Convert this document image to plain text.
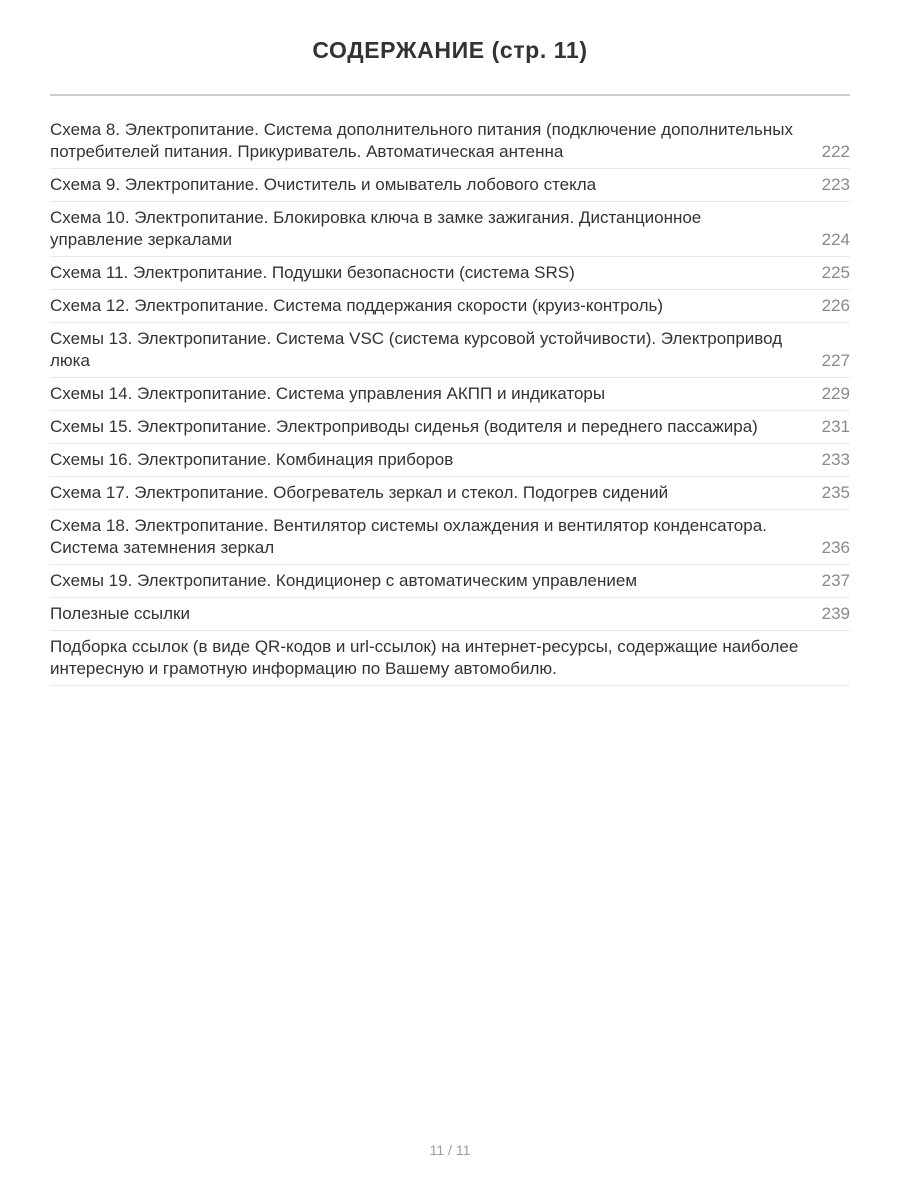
СОДЕРЖАНИЕ (стр. 11)
Схема 8. Электропитание. Система дополнительного питания (подключение дополнительных потребителей питания. Прикуриватель. Автоматическая антенна	222
Схема 9. Электропитание. Очиститель и омыватель лобового стекла	223
Схема 10. Электропитание. Блокировка ключа в замке зажигания. Дистанционное управление зеркалами	224
Схема 11. Электропитание. Подушки безопасности (система SRS)	225
Схема 12. Электропитание. Система поддержания скорости (круиз-контроль)	226
Схемы 13. Электропитание. Система VSC (система курсовой устойчивости). Электропривод люка	227
Схемы 14. Электропитание. Система управления АКПП и индикаторы	229
Схемы 15. Электропитание. Электроприводы сиденья (водителя и переднего пассажира)	231
Схемы 16. Электропитание. Комбинация приборов	233
Схема 17. Электропитание. Обогреватель зеркал и стекол. Подогрев сидений	235
Схема 18. Электропитание. Вентилятор системы охлаждения и вентилятор конденсатора. Система затемнения зеркал	236
Схемы 19. Электропитание. Кондиционер с автоматическим управлением	237
Полезные ссылки	239
Подборка ссылок (в виде QR-кодов и url-ссылок) на интернет-ресурсы, содержащие наиболее интересную и грамотную информацию по Вашему автомобилю.
11 / 11
